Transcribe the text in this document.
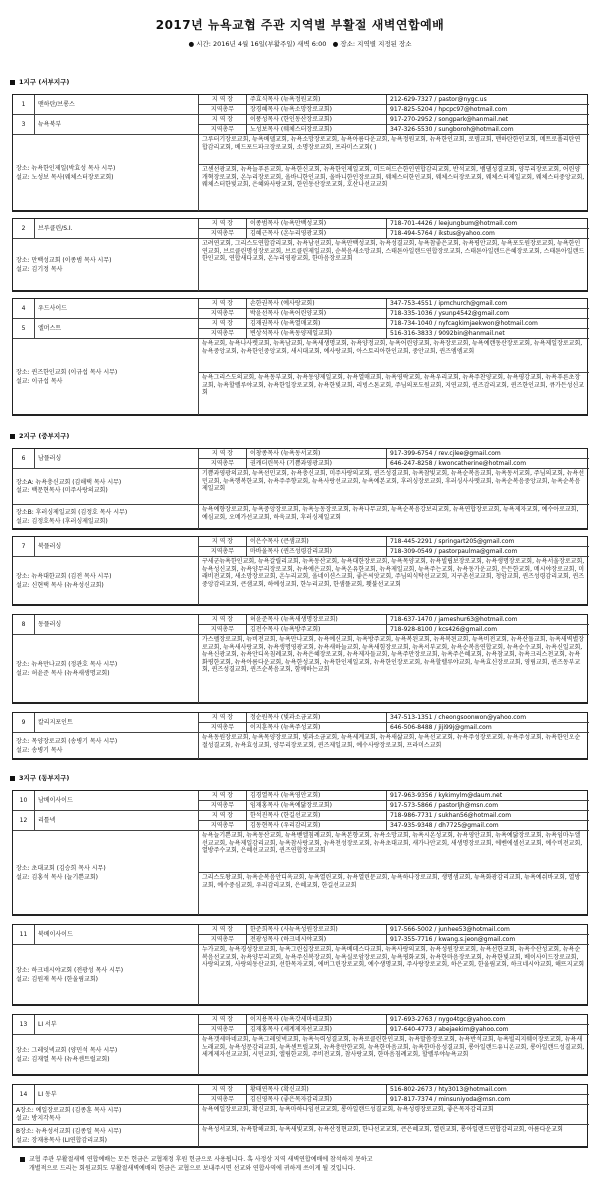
2017년 뉴욕교협 주관 지역별 부활절 새벽연합예배
● 시간: 2016년 4월 16일(부활주일) 새벽 6:00 ● 장소: 지역별 지정된 장소
1지구 (서부지구)
1	맨하탄/브롱스
지 역 장	주효식목사 (뉴욕정원교회)	212-629-7327 / pastor@nygc.us
지역총무	장경혜목사 (뉴욕소망장로교회)	917-825-5204 / hpcpc97@hotmail.com
3	뉴욕북부
지 역 장	이풍성목사 (한인동산장로교회)	917-270-2952 / songpark@hanmail.net
지역총무	노성보목사 (웨체스터장로교회)	347-326-5530 / sungboroh@hotmail.com
장소: 뉴욕한인제일(박효성 목사 시무)
설교: 노성보 목사(웨체스터장로교회)
그루터기장로교회, 뉴욕베델교회, 뉴욕소망장로교회, 뉴욕아름다운교회, 뉴욕정원교회, 뉴욕한인교회, 로뎀교회, 맨하탄한인교회, 메트로폴리탄연합감리교회, 베드포드파크장로교회, 소명장로교회, 프라미스교회( )
고센선광교회, 뉴욕늘푸른교회, 뉴욕한신교회, 뉴욕한인제일교회, 미드허드슨한인연합감리교회, 반석교회, 뱀댈성결교회, 양무리장로교회, 어린양개혁장로교회, 온누리장로교회, 올바니한인교회, 올바니한인장로교회, 웨체스터한인교회, 웨체스터장로교회, 웨체스터제일교회, 웨체스터중앙교회, 웨체스터한빛교회, 은혜와사랑교회, 한인동산장로교회, 호산나선교교회
2	브루클린/S.I.
지 역 장	이종범목사 (뉴욕만백성교회)	718-701-4426 / leejungbum@hotmail.com
지역총무	김혜근목사 (온누리영광교회)	718-494-5764 / ikstus@yahoo.com
장소: 만백성교회 (이종범 목사 시무)
설교: 김기정 목사
고려연교회, 그리스도연합감리교회, 뉴욕남선교회, 뉴욕만백성교회, 뉴욕성결교회, 뉴욕참좋은교회, 뉴욕평안교회, 뉴욕포도원장로교회, 뉴욕한인연교회, 브르클린명성장로교회, 브르클린제일교회, 순복음새소망교회, 스태튼아일랜드연합장로교회, 스태튼아일랜드은혜장로교회, 스태튼아일랜드한인교회, 연합새다교회, 온누리영광교회, 한마음장로교회
4	우드사이드
지 역 장	손한권목사 (예사랑교회)	347-753-4551 / ipmchurch@gmail.com
지역총무	박윤선목사 (뉴욕어린양교회)	718-335-1036 / ysunp4542@gmail.com
5	엘머스트
지 역 장	김재권목사 (뉴욕열매교회)	718-734-1040 / nyfcagkimjaekwon@hotmail.com
지역총무	변상석목사 (뉴욕동양제일교회)	516-316-3833 / 9092bin@hanmail.net
장소: 퀸즈한인교회 (이규섭 목사 시무)
설교: 이규섭 목사
뉴욕교회, 뉴욕나사렛교회, 뉴욕남교회, 뉴욕새생명교회, 뉴욕양정교회, 뉴욕어린양교회, 뉴욕장로교회, 뉴욕예랜동산장로교회, 뉴욕제일장로교회, 뉴욕중앙교회, 뉴욕한인중앙교회, 새시대교회, 예사랑교회, 아스토리아한인교회, 중안교회, 퀸즈엠엠교회
뉴욕그리스도의교회, 뉴욕동부교회, 뉴욕동양제일교회, 뉴욕열매교회, 뉴욕영락교회, 뉴욕우리교회, 뉴욕주찬양교회, 뉴욕평강교회, 뉴욕푸른초장교회, 뉴욕할렐루야교회, 뉴욕한일장로교회, 뉴욕한빛교회, 리빙스톤교회, 주님의포도원교회, 지연교회, 퀸즈감리교회, 퀸즈한인교회, 큐가든성신교회
2지구 (중부지구)
6	남플러싱
지 역 장	이창종목사 (뉴욕동서교회)	917-399-6754 / rev.cjlee@gmail.com
지역총무	권캐더린목사 (기쁨과영광교회)	646-247-8258 / kwoncatherine@hotmail.com
장소A: 뉴욕충신교회 (김해택 목사 시무)
설교: 백문현목사 (미주사랑의교회)
기쁨과영광의교회, 뉴욕선민교회, 뉴욕충신교회, 미주사랑의교회, 퀸즈성결교회, 뉴욕참빛교회, 뉴욕순복음교회, 뉴욕동서교회, 주님의교회, 뉴욕선민교회, 뉴욕행복한교회, 뉴욕주주향교회, 뉴욕사랑선교교회, 뉴욕예본교회, 후러싱장로교회, 후러싱사사맷교회, 뉴욕순복음중앙교회, 뉴욕순복음제일교회
장소B: 후러싱제일교회 (김정호 목사 시무)
설교: 김정호목사 (후러싱제일교회)
뉴욕예향장로교회, 뉴욕중앙장로교회, 뉴욕능동장로교회, 뉴욕나무교회, 뉴욕순복음강보리교회, 뉴욕연합장로교회, 뉴욕제자교회, 예수아로교회, 예심교회, 오메가선교교회, 하욱교회, 후러싱제일교회
7	북플러싱
지 역 장	이은수목사 (큰샘교회)	718-445-2291 / springart205@gmail.com
지역총무	마바울목사 (퀸즈성령감리교회)	718-309-0549 / pastorpaulma@gmail.com
장소: 뉴욕대한교회 (김전 목사 시무)
설교: 신현택 목사 (뉴욕성신교회)
구세군뉴욕한인교회, 뉴욕갈릴리교회, 뉴욕동산교회, 뉴욕대한장로교회, 뉴욕목양교회, 뉴욕빌립보장로교회, 뉴욕생명장로교회, 뉴욕서울장로교회, 뉴욕성신교회, 뉴욕양무리장로교회, 뉴욕예은교회, 뉴욕온유한교회, 뉴욕제일교회, 뉴욕주는교회, 뉴욕동가운교회, 든든한교회, 메시야장로교회, 미래비전교회, 새소망장로교회, 온누리교회, 올네이션스교회, 좋은씨앗교회, 주님의식탁선교교회, 지구촌선교교회, 청암교회, 퀸즈성령감리교회, 퀸즈중앙감리교회, 큰샘교회, 하예성교회, 한누리교회, 한샘플교회, 횃불선교교회
8	동플러싱
지 역 장	허윤준목사 (뉴욕새생명장로교회)	718-637-1470 / jameshur63@hotmail.com
지역총무	김전수목사 (뉴욕방주교회)	718-928-8100 / kcs426@gmail.com
장소: 뉴욕만나교회 (정관호 목사 시무)
설교: 허윤준 목사 (뉴욕새생명교회)
가스펠장로교회, 뉴비전교회, 뉴욕만나교회, 뉴욕예신교회, 뉴욕방주교회, 뉴욕복된교회, 뉴욕복된교회, 뉴욕비전교회, 뉴욕산돌교회, 뉴욕새벽별장로교회, 뉴욕새사랑교회, 뉴욕생명영광교회, 뉴욕새하늘교회, 뉴욕새힘장로교회, 뉴욕서부교회, 뉴욕순복음연합교회, 뉴욕순수교회, 뉴욕신일교회, 뉴욕신광교회, 뉴욕안디옥침례교회, 뉴욕은혜장로교회, 뉴욕제자들교회, 뉴욕주만장로교회, 뉴욕주은혜교회, 뉴욕참교회, 뉴욕크리스천교회, 뉴욕화평한교회, 뉴욕아름다운교회, 뉴욕한성교회, 뉴욕한인제일교회, 뉴욕한인장로교회, 뉴욕할렐루야교회, 뉴욕효신장로교회, 영림교회, 퀸즈동부교회, 퀸즈성결교회, 퀸즈순복음교회, 함께하는교회
9	칼리지포인트
지 역 장	정순원목사 (빛과소금교회)	347-513-1351 / cheongsoonwon@yahoo.com
지역총무	이지훈목사 (뉴욕주성교회)	646-506-8488 / jiji99j@gmail.com
장소: 목양장로교회 (송병기 목사 시무)
설교: 송병기 목사
뉴욕동원장로교회, 뉴욕목양장로교회, 빛과소금교회, 뉴욕세계교회, 뉴욕새삶교회, 뉴욕선교교회, 뉴욕주성장로교회, 뉴욕주성교회, 뉴욕한인오순절성결교회, 뉴욕효성교회, 양무리장로교회, 퀸즈제일교회, 예수사랑장로교회, 프라미스교회
3지구 (동부지구)
10	남베이사이드
지 역 장	김경열목사 (뉴욕영안교회)	917-963-9356 / kykimylm@daum.net
지역총무	임재홍목사 (뉴욕예닮장로교회)	917-573-5866 / pastorljh@msn.com
12	리틀넥
지 역 장	한석진목사 (한길선교교회)	718-986-7731 / sukhan56@hotmail.com
지역총무	김동현목사 (우리감리교회)	347-935-9348 / dh7725@gmail.com
장소: 초대교회 (김승희 목사 시무)
설교: 김홍석 목사 (늘기쁜교회)
뉴욕늘기쁜교회, 뉴욕동산교회, 뉴욕벧엘침례교회, 뉴욕본향교회, 뉴욕소망교회, 뉴욕시온성교회, 뉴욕영안교회, 뉴욕예닮장로교회, 뉴욕임마누엘선교교회, 뉴욕제일감리교회, 뉴욕참사랑교회, 뉴욕천성장로교회, 뉴욕초대교회, 새가나안교회, 새생명장로교회, 에벤에셀선교교회, 예수비전교회, 열방주수교회, 은혜선교교회, 퀸즈연합장로교회
그리스도왕교회, 뉴욕순복음안디옥교회, 뉴욕열린교회, 뉴욕열린문교회, 뉴욕하나장로교회, 생명샘교회, 뉴욕화광감리교회, 뉴욕예쉬바교회, 열방교회, 예수중심교회, 우리감리교회, 은혜교회, 한길선교교회
11	북베이사이드
지 역 장	한준희목사 (사뉴욕성원장로교회)	917-566-5002 / junhee53@hotmail.com
지역총무	전광성목사 (하크네시야교회)	917-355-7716 / kwang.s.jeon@gmail.com
장소: 하크네시야교회 (전광성 목사 시무)
설교: 김원재 목사 (한울림교회)
누가교회, 뉴욕경성장로교회, 뉴욕그린십장로교회, 뉴욕베데스다교회, 뉴욕사랑의교회, 뉴욕성원장로교회, 뉴욕선한교회, 뉴욕수산성교회, 뉴욕순복음선교교회, 뉴욕양무리교회, 뉴욕주신복장교회, 뉴욕실로암장로교회, 뉴욕평화교회, 뉴욕한마음장로교회, 뉴욕한빛교회, 베이사이드장로교회, 사랑의교회, 사랑의동산교회, 선한목자교회, 에버그린장로교회, 예수생명교회, 주사랑장로교회, 하은교회, 한울림교회, 하크네시야교회, 해뜨지교회
13	LI 서부
지 역 장	이지용목사 (뉴욕갓세마네교회)	917-693-2763 / nygo4tgc@yahoo.com
지역총무	김재홍목사 (세계제자선교교회)	917-640-4773 / abejaekim@yahoo.com
장소: 그레잇넥교회 (양민석 목사 시무)
설교: 김재열 목사 (뉴욕센트럴교회)
뉴욕갯세마네교회, 뉴욕그레잇넥교회, 뉴욕늑력성결교회, 뉴욕로클린한인교회, 뉴욕말씀장로교회, 뉴욕반석교회, 뉴욕빌리지웨이장로교회, 뉴욕새노래교회, 뉴욕성문감리교회, 뉴욕센트럴교회, 뉴욕충만한교회, 뉴욕한마음교회, 뉴욕한마음성결교회, 롱아일랜드유니온교회, 롱아일랜드성결교회, 세계제자선교교회, 시민교회, 엘림한교회, 주비전교회, 참사랑교회, 한마음침례교회, 할렐루야뉴욕교회
14	LI 동부
지 역 장	황태연목사 (확신교회)	516-802-2673 / hty3013@hotmail.com
지역총무	김신영목사 (좋은목자감리교회)	917-817-7374 / minsuniyoda@msn.com
A장소: 예일장로교회 (김종훈 목사 시무)
설교: 방지각목사
뉴욕예일장로교회, 확신교회, 뉴욕마하나임선교교회, 롱아일랜드성결교회, 뉴욕성령장로교회, 좋은목자감리교회
B장소: 뉴욕성서교회 (김종일 목사 시무)
설교: 장재용목사 (LI연합감리교회)
뉴욕성서교회, 뉴욕함해교회, 뉴욕새빛교회, 뉴욕산정현교회, 한나선교교회, 큰은혜교회, 열린교회, 롱아일랜드연합감리교회, 아름다운교회
교협 주관 부활절새벽 연합예배는 모든 헌금은 교협재정 후원 헌금으로 사용됩니다. 혹 사정상 지역 새벽연합예배에 참석하지 못하고
개별적으로 드리는 회원교회도 부활절새벽예배의 헌금은 교협으로 보내주시면 선교와 연합사역에 귀하게 쓰이게 될 것입니다.
